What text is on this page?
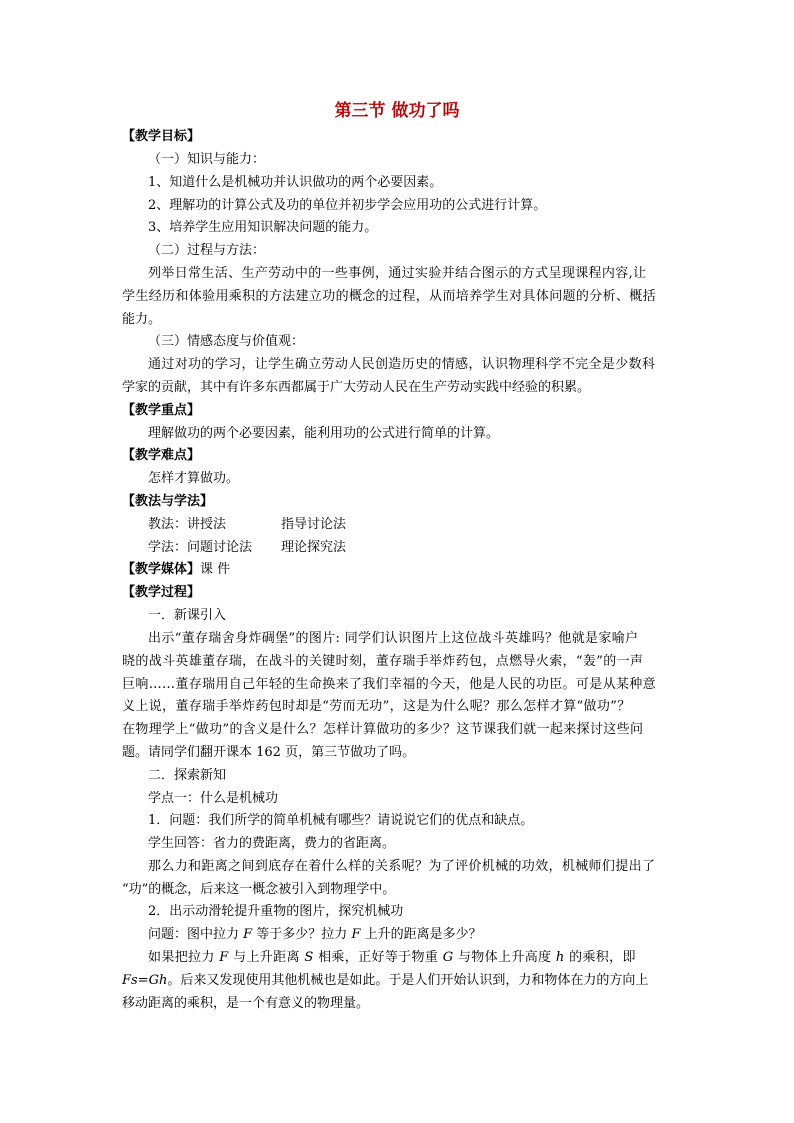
第三节 做功了吗
【教学目标】
（一）知识与能力：
1、知道什么是机械功并认识做功的两个必要因素。
2、理解功的计算公式及功的单位并初步学会应用功的公式进行计算。
3、培养学生应用知识解决问题的能力。
（二）过程与方法：
列举日常生活、生产劳动中的一些事例，通过实验并结合图示的方式呈现课程内容,让
学生经历和体验用乘积的方法建立功的概念的过程，从而培养学生对具体问题的分析、概括
能力。
（三）情感态度与价值观：
通过对功的学习，让学生确立劳动人民创造历史的情感，认识物理科学不完全是少数科
学家的贡献，其中有许多东西都属于广大劳动人民在生产劳动实践中经验的积累。
【教学重点】
理解做功的两个必要因素，能利用功的公式进行简单的计算。
【教学难点】
怎样才算做功。
【教法与学法】
教法：讲授法	指导讨论法
学法：问题讨论法 理论探究法
【教学媒体】课 件
【教学过程】
一．新课引入
出示“董存瑞舍身炸碉堡”的图片: 同学们认识图片上这位战斗英雄吗？他就是家喻户
晓的战斗英雄董存瑞，在战斗的关键时刻，董存瑞手举炸药包，点燃导火索，“轰”的一声
巨响……董存瑞用自己年轻的生命换来了我们幸福的今天，他是人民的功臣。可是从某种意
义上说，董存瑞手举炸药包时却是“劳而无功”，这是为什么呢？那么怎样才算“做功”？
在物理学上“做功”的含义是什么？怎样计算做功的多少？这节课我们就一起来探讨这些问
题。请同学们翻开课本 162 页，第三节做功了吗。
二．探索新知
学点一：什么是机械功
1．问题：我们所学的简单机械有哪些？请说说它们的优点和缺点。
学生回答：省力的费距离，费力的省距离。
那么力和距离之间到底存在着什么样的关系呢？为了评价机械的功效，机械师们提出了
“功”的概念，后来这一概念被引入到物理学中。
2．出示动滑轮提升重物的图片，探究机械功
问题：图中拉力 F 等于多少？拉力 F 上升的距离是多少？
如果把拉力 F 与上升距离 S 相乘，正好等于物重 G 与物体上升高度 h 的乘积，即
Fs=Gh。后来又发现使用其他机械也是如此。于是人们开始认识到，力和物体在力的方向上
移动距离的乘积，是一个有意义的物理量。
